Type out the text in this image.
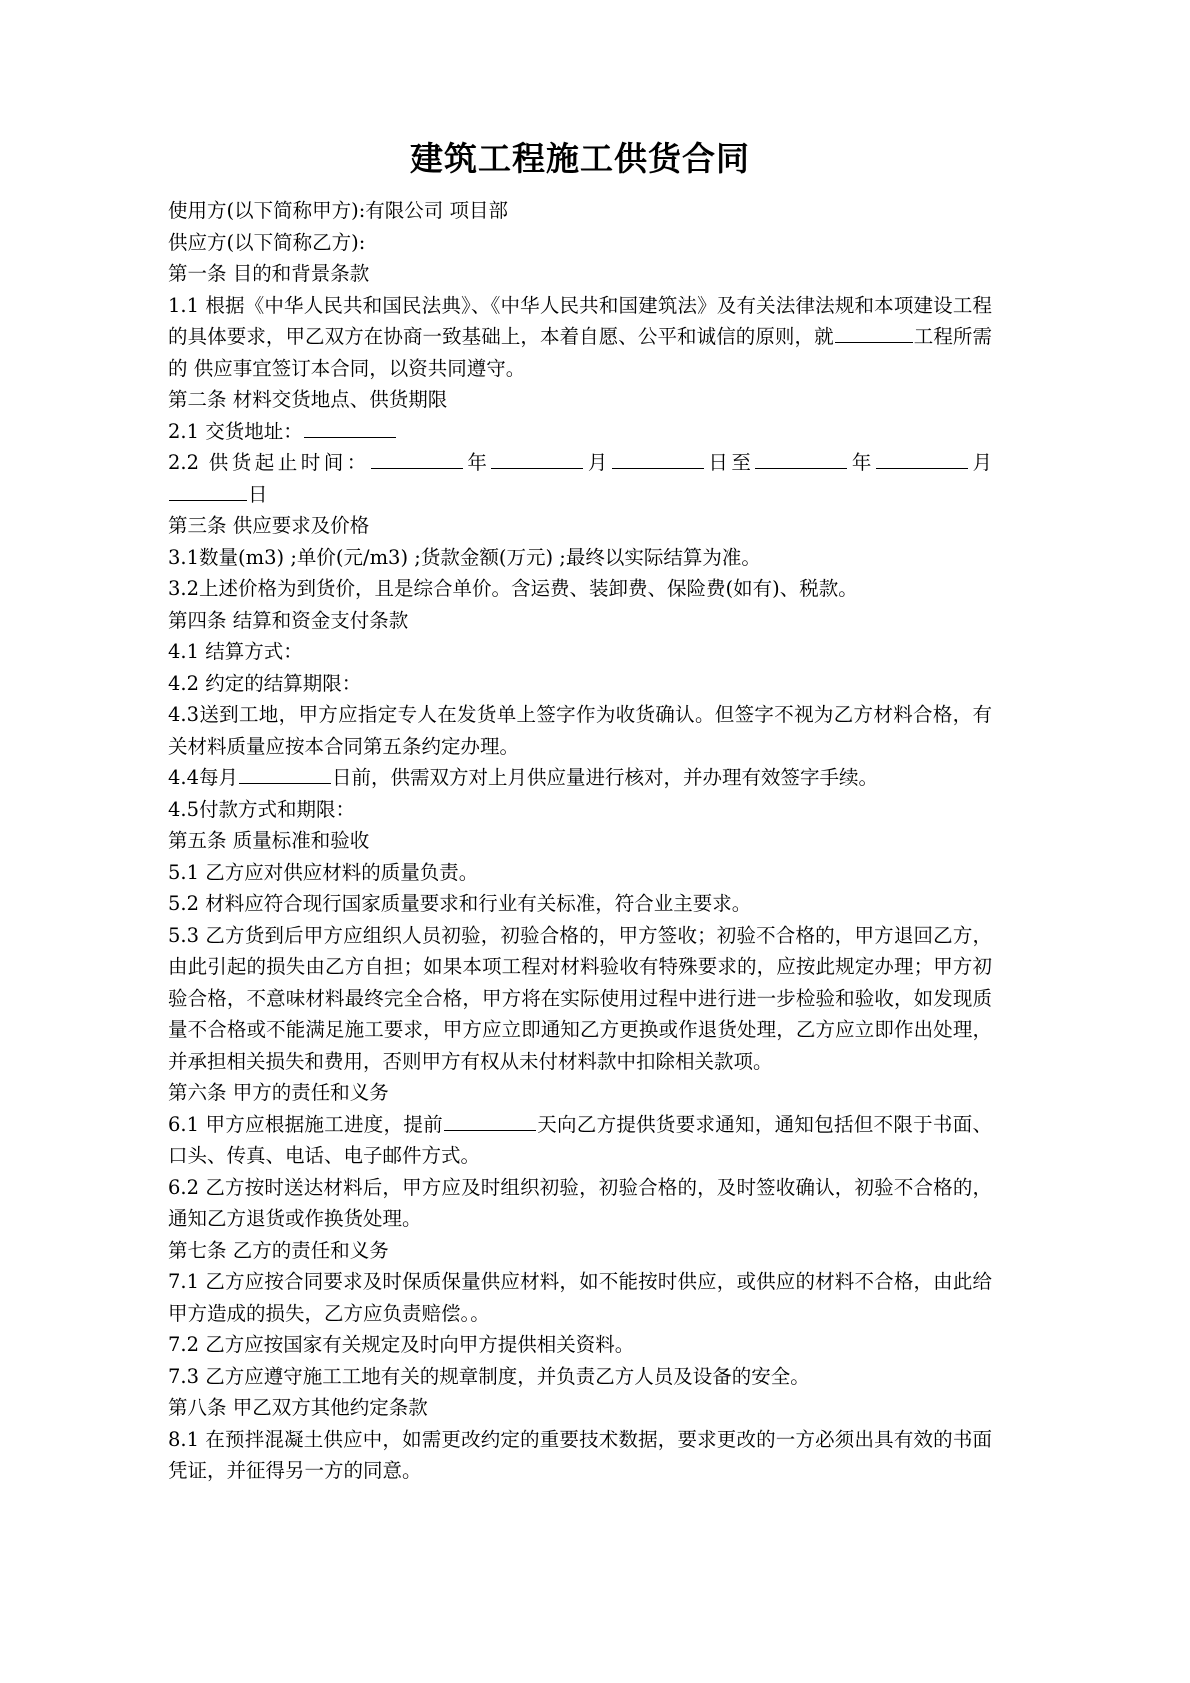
建筑工程施工供货合同

使用方(以下简称甲方):有限公司 项目部

供应方(以下简称乙方):

第一条 目的和背景条款

1.1 根据《中华人民共和国民法典》、《中华人民共和国建筑法》及有关法律法规和本项建设工程的具体要求，甲乙双方在协商一致基础上，本着自愿、公平和诚信的原则，就	工程所需的 供应事宜签订本合同，以资共同遵守。

第二条 材料交货地点、供货期限

2.1 交货地址：

2.2 供货起止时间：	年	月	日至	年	月日

第三条 供应要求及价格

3.1数量(m3) ;单价(元/m3) ;货款金额(万元) ;最终以实际结算为准。

3.2上述价格为到货价，且是综合单价。含运费、装卸费、保险费(如有)、税款。

第四条 结算和资金支付条款

4.1 结算方式：

4.2 约定的结算期限：

4.3送到工地，甲方应指定专人在发货单上签字作为收货确认。但签字不视为乙方材料合格，有关材料质量应按本合同第五条约定办理。

4.4每月	日前，供需双方对上月供应量进行核对，并办理有效签字手续。

4.5付款方式和期限：

第五条 质量标准和验收

5.1 乙方应对供应材料的质量负责。

5.2 材料应符合现行国家质量要求和行业有关标准，符合业主要求。

5.3 乙方货到后甲方应组织人员初验，初验合格的，甲方签收；初验不合格的，甲方退回乙方，由此引起的损失由乙方自担；如果本项工程对材料验收有特殊要求的，应按此规定办理；甲方初验合格，不意味材料最终完全合格，甲方将在实际使用过程中进行进一步检验和验收，如发现质量不合格或不能满足施工要求，甲方应立即通知乙方更换或作退货处理，乙方应立即作出处理，并承担相关损失和费用，否则甲方有权从未付材料款中扣除相关款项。

第六条 甲方的责任和义务

6.1 甲方应根据施工进度，提前	天向乙方提供货要求通知，通知包括但不限于书面、口头、传真、电话、电子邮件方式。

6.2 乙方按时送达材料后，甲方应及时组织初验，初验合格的，及时签收确认，初验不合格的，通知乙方退货或作换货处理。

第七条 乙方的责任和义务

7.1 乙方应按合同要求及时保质保量供应材料，如不能按时供应，或供应的材料不合格，由此给甲方造成的损失，乙方应负责赔偿。。

7.2 乙方应按国家有关规定及时向甲方提供相关资料。

7.3 乙方应遵守施工工地有关的规章制度，并负责乙方人员及设备的安全。

第八条 甲乙双方其他约定条款

8.1 在预拌混凝土供应中，如需更改约定的重要技术数据，要求更改的一方必须出具有效的书面凭证，并征得另一方的同意。
